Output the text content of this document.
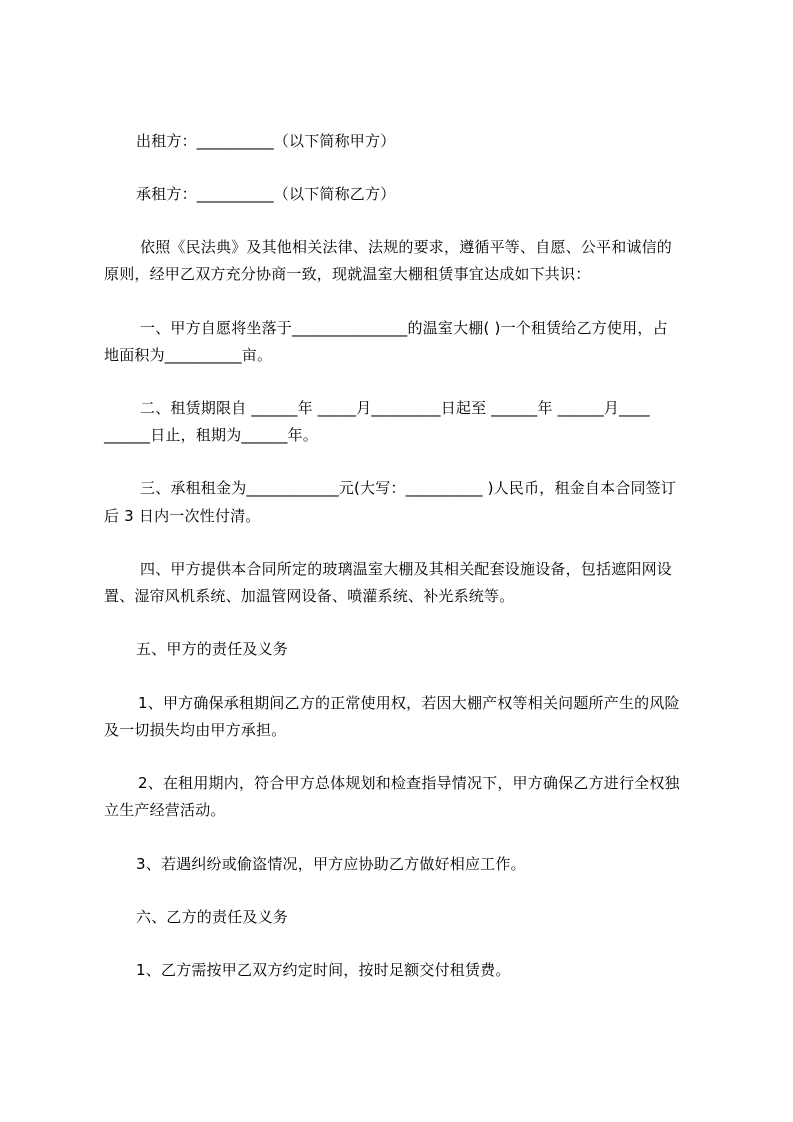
出租方：__________（以下简称甲方）
承租方：__________（以下简称乙方）
依照《民法典》及其他相关法律、法规的要求，遵循平等、自愿、公平和诚信的
原则，经甲乙双方充分协商一致，现就温室大棚租赁事宜达成如下共识：
一、甲方自愿将坐落于_______________的温室大棚( )一个租赁给乙方使用，占
地面积为__________亩。
二、租赁期限自 ______年 _____月_________日起至 ______年 ______月____
______日止，租期为______年。
三、承租租金为____________元(大写：__________ )人民币，租金自本合同签订
后 3 日内一次性付清。
四、甲方提供本合同所定的玻璃温室大棚及其相关配套设施设备，包括遮阳网设
置、湿帘风机系统、加温管网设备、喷灌系统、补光系统等。
五、甲方的责任及义务
1、甲方确保承租期间乙方的正常使用权，若因大棚产权等相关问题所产生的风险
及一切损失均由甲方承担。
2、在租用期内，符合甲方总体规划和检查指导情况下，甲方确保乙方进行全权独
立生产经营活动。
3、若遇纠纷或偷盗情况，甲方应协助乙方做好相应工作。
六、乙方的责任及义务
1、乙方需按甲乙双方约定时间，按时足额交付租赁费。
